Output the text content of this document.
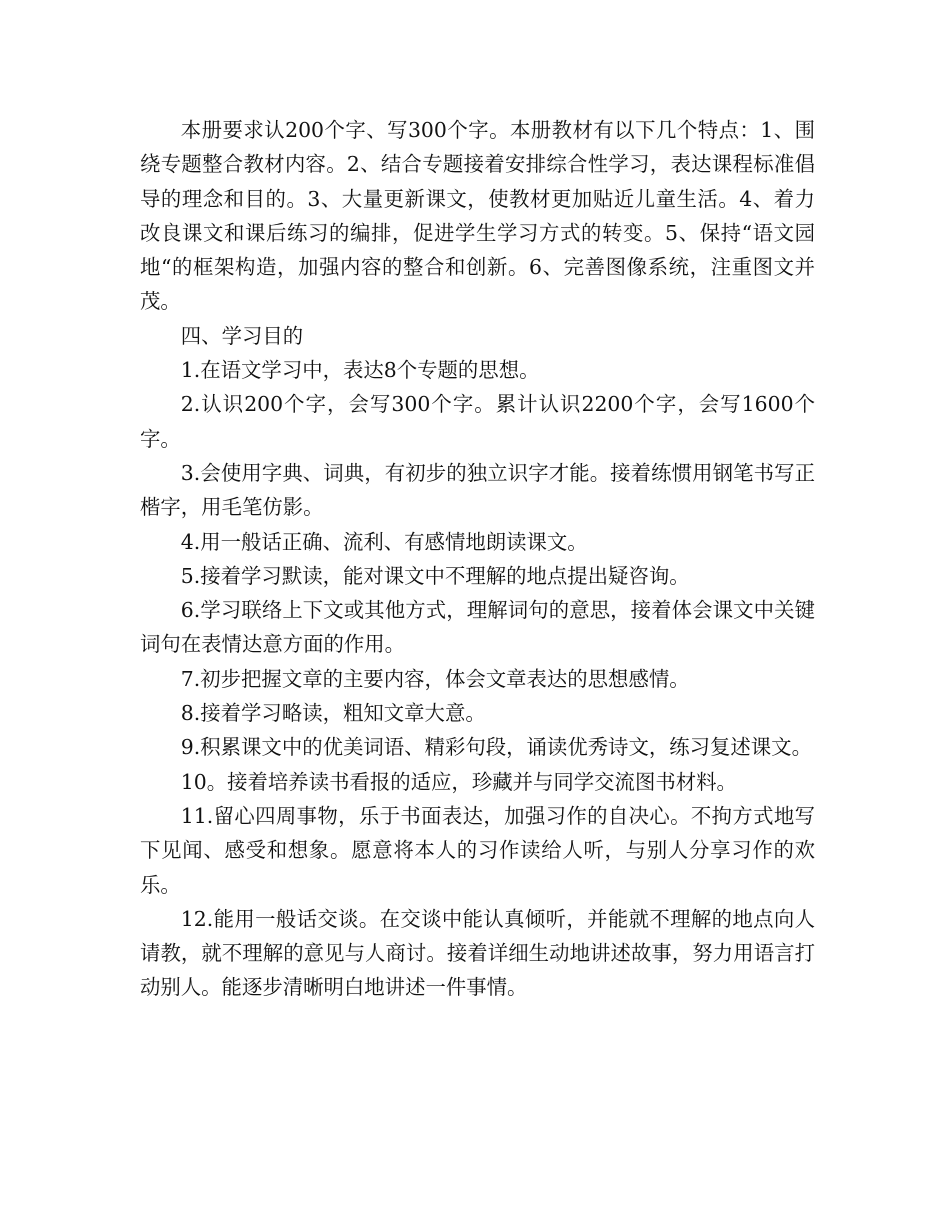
本册要求认200个字、写300个字。本册教材有以下几个特点：1、围绕专题整合教材内容。2、结合专题接着安排综合性学习，表达课程标准倡导的理念和目的。3、大量更新课文，使教材更加贴近儿童生活。4、着力改良课文和课后练习的编排，促进学生学习方式的转变。5、保持“语文园地“的框架构造，加强内容的整合和创新。6、完善图像系统，注重图文并茂。

四、学习目的

1.在语文学习中，表达8个专题的思想。

2.认识200个字，会写300个字。累计认识2200个字，会写1600个字。

3.会使用字典、词典，有初步的独立识字才能。接着练惯用钢笔书写正楷字，用毛笔仿影。

4.用一般话正确、流利、有感情地朗读课文。

5.接着学习默读，能对课文中不理解的地点提出疑咨询。

6.学习联络上下文或其他方式，理解词句的意思，接着体会课文中关键词句在表情达意方面的作用。

7.初步把握文章的主要内容，体会文章表达的思想感情。

8.接着学习略读，粗知文章大意。

9.积累课文中的优美词语、精彩句段，诵读优秀诗文，练习复述课文。

10。接着培养读书看报的适应，珍藏并与同学交流图书材料。

11.留心四周事物，乐于书面表达，加强习作的自决心。不拘方式地写下见闻、感受和想象。愿意将本人的习作读给人听，与别人分享习作的欢乐。

12.能用一般话交谈。在交谈中能认真倾听，并能就不理解的地点向人请教，就不理解的意见与人商讨。接着详细生动地讲述故事，努力用语言打动别人。能逐步清晰明白地讲述一件事情。
